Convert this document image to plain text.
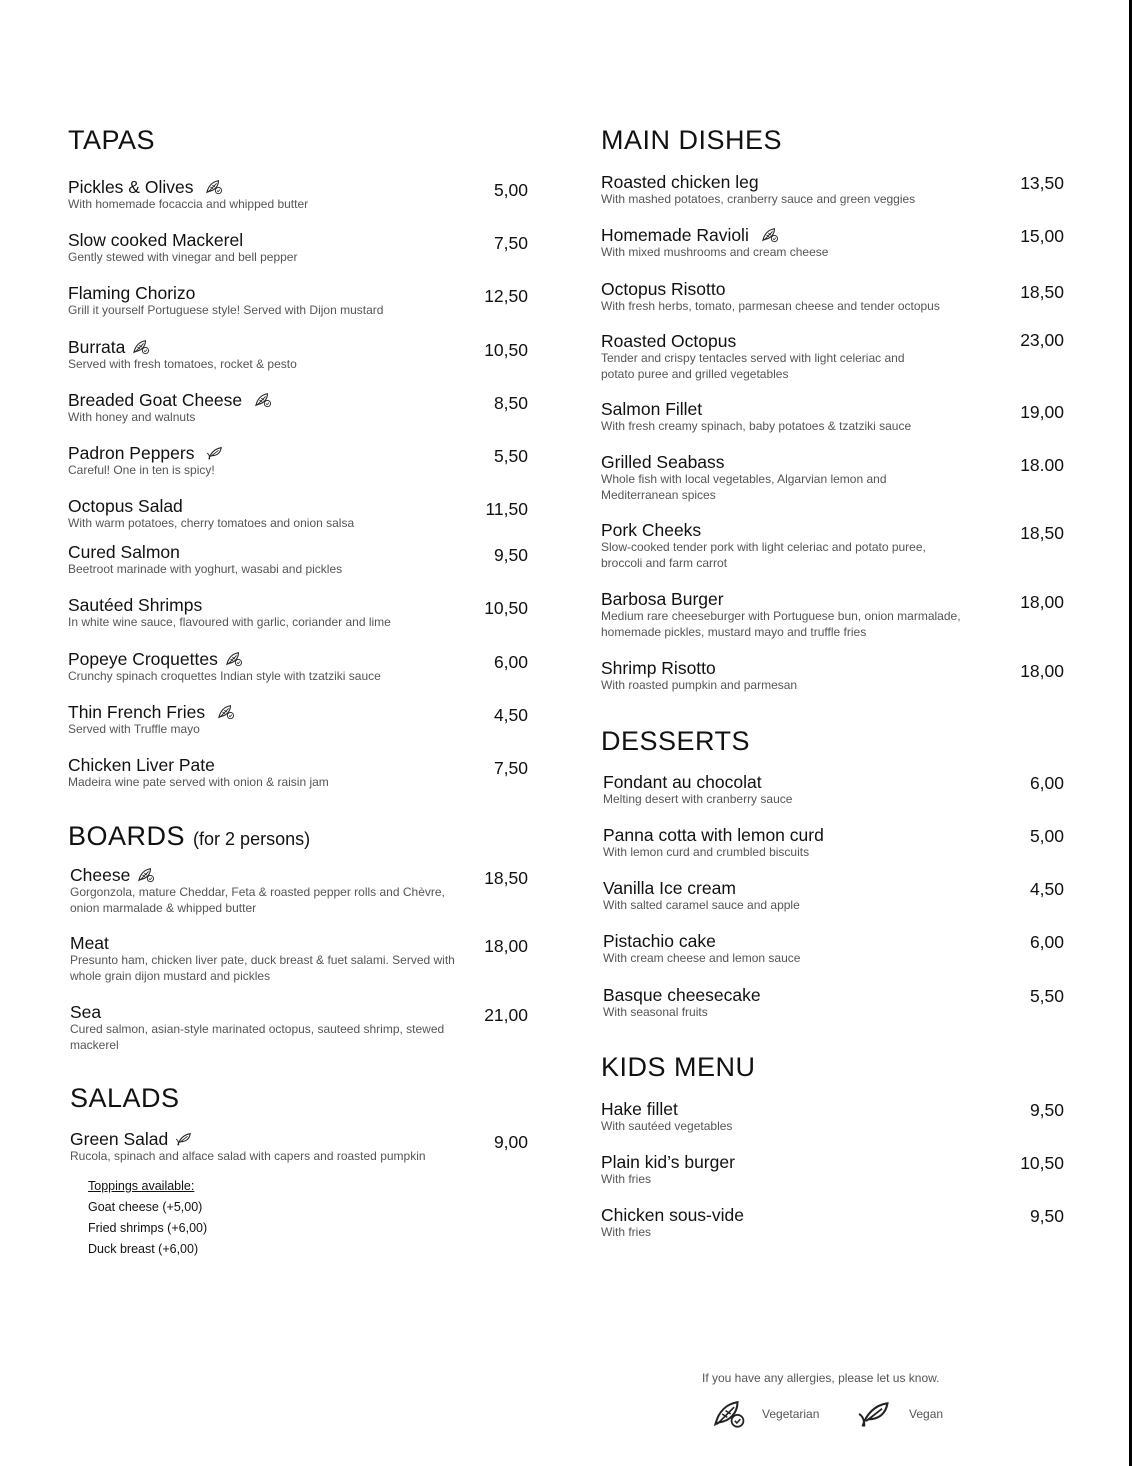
TAPAS
Pickles & Olives
With homemade focaccia and whipped butter
5,00
Slow cooked Mackerel
Gently stewed with vinegar and bell pepper
7,50
Flaming Chorizo
Grill it yourself Portuguese style! Served with Dijon mustard
12,50
Burrata
Served with fresh tomatoes, rocket & pesto
10,50
Breaded Goat Cheese
With honey and walnuts
8,50
Padron Peppers
Careful! One in ten is spicy!
5,50
Octopus Salad
With warm potatoes, cherry tomatoes and onion salsa
11,50
Cured Salmon
Beetroot marinade with yoghurt, wasabi and pickles
9,50
Sautéed Shrimps
In white wine sauce, flavoured with garlic, coriander and lime
10,50
Popeye Croquettes
Crunchy spinach croquettes Indian style with tzatziki sauce
6,00
Thin French Fries
Served with Truffle mayo
4,50
Chicken Liver Pate
Madeira wine pate served with onion & raisin jam
7,50
BOARDS (for 2 persons)
Cheese
Gorgonzola, mature Cheddar, Feta & roasted pepper rolls and Chèvre, onion marmalade & whipped butter
18,50
Meat
Presunto ham, chicken liver pate, duck breast & fuet salami. Served with whole grain dijon mustard and pickles
18,00
Sea
Cured salmon, asian-style marinated octopus, sauteed shrimp, stewed mackerel
21,00
SALADS
Green Salad
Rucola, spinach and alface salad with capers and roasted pumpkin
9,00
Toppings available:
Goat cheese (+5,00)
Fried shrimps (+6,00)
Duck breast (+6,00)
MAIN DISHES
Roasted chicken leg
With mashed potatoes, cranberry sauce and green veggies
13,50
Homemade Ravioli
With mixed mushrooms and cream cheese
15,00
Octopus Risotto
With fresh herbs, tomato, parmesan cheese and tender octopus
18,50
Roasted Octopus
Tender and crispy tentacles served with light celeriac and potato puree and grilled vegetables
23,00
Salmon Fillet
With fresh creamy spinach, baby potatoes & tzatziki sauce
19,00
Grilled Seabass
Whole fish with local vegetables, Algarvian lemon and Mediterranean spices
18.00
Pork Cheeks
Slow-cooked tender pork with light celeriac and potato puree, broccoli and farm carrot
18,50
Barbosa Burger
Medium rare cheeseburger with Portuguese bun, onion marmalade, homemade pickles, mustard mayo and truffle fries
18,00
Shrimp Risotto
With roasted pumpkin and parmesan
18,00
DESSERTS
Fondant au chocolat
Melting desert with cranberry sauce
6,00
Panna cotta with lemon curd
With lemon curd and crumbled biscuits
5,00
Vanilla Ice cream
With salted caramel sauce and apple
4,50
Pistachio cake
With cream cheese and lemon sauce
6,00
Basque cheesecake
With seasonal fruits
5,50
KIDS MENU
Hake fillet
With sautéed vegetables
9,50
Plain kid’s burger
With fries
10,50
Chicken sous-vide
With fries
9,50
If you have any allergies, please let us know.
Vegetarian	Vegan
